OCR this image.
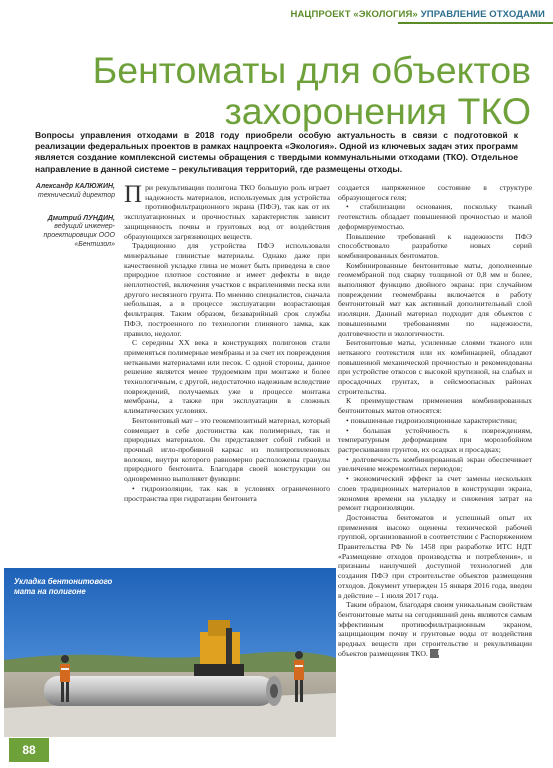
НАЦПРОЕКТ «ЭКОЛОГИЯ» УПРАВЛЕНИЕ ОТХОДАМИ
Бентоматы для объектов
захоронения ТКО
Вопросы управления отходами в 2018 году приобрели особую актуальность в связи с подготовкой к реализации федеральных проектов в рамках нацпроекта «Экология». Одной из ключевых задач этих программ является создание комплексной системы обращения с твердыми коммунальными отходами (ТКО). Отдельное направление в данной системе – рекультивация территорий, где размещены отходы.
Александр КАЛЮЖИН,
технический директор
Дмитрий ЛУНДИН,
ведущий инженер-проектировщик ООО «Бентизол»

При рекультивации полигона ТКО большую роль играет надежность материалов, используемых для устройства противофильтрационного экрана (ПФЭ), так как от их эксплуатационных и прочностных характеристик зависит защищенность почвы и грунтовых вод от воздействия образующихся загрязняющих веществ.

Традиционно для устройства ПФЭ использовали минеральные глинистые материалы. Однако даже при качественной укладке глина не может быть приведена в свое природное плотное состояние и имеет дефекты в виде неплотностей, включения участков с вкраплениями песка или другого несвязного грунта. По мнению специалистов, сначала небольшая, а в процессе эксплуатации возрастающая фильтрация. Таким образом, безаварийный срок службы ПФЭ, построенного по технологии глиняного замка, как правило, недолог.

С середины XX века в конструкциях полигонов стали применяться полимерные мембраны и за счет их повреждения неткаными материалами или песок. С одной стороны, данное решение является менее трудоемким при монтаже и более технологичным, с другой, недостаточно надежным вследствие повреждений, получаемых уже в процессе монтажа мембраны, а также при эксплуатации в сложных климатических условиях.

Бентонитовый мат – это геокомпозитный материал, который совмещает в себе достоинства как полимерных, так и природных материалов. Он представляет собой гибкий и прочный игло-пробивной каркас из полипропиленовых волокон, внутри которого равномерно расположены гранулы природного бентонита. Благодаря своей конструкции он одновременно выполняет функции:

• гидроизоляции, так как в условиях ограниченного пространства при гидратации бентонита

создается напряженное состояние в структуре образующегося геля;

• стабилизации основания, поскольку тканый геотекстиль обладает повышенной прочностью и малой деформируемостью.

Повышение требований к надежности ПФЭ способствовало разработке новых серий комбинированных бентоматов.

Комбинированные бентонитовые маты, дополненные геомембраной под сварку толщиной от 0,8 мм и более, выполняют функцию двойного экрана: при случайном повреждении геомембраны включается в работу бентонитовый мат как активный дополнительный слой изоляции. Данный материал подходит для объектов с повышенными требованиями по надежности, долговечности и экологичности.

Бентонитовые маты, усиленные слоями тканого или нетканого геотекстиля или их комбинацией, обладают повышенной механической прочностью и рекомендованы при устройстве откосов с высокой крутизной, на слабых и просадочных грунтах, в сейсмоопасных районах строительства.

К преимуществам применения комбинированных бентонитовых матов относятся:

• повышенные гидроизоляционные характеристики;

• большая устойчивость к повреждениям, температурным деформациям при морозобойном растрескивании грунтов, их осадках и просадках;

• долговечность комбинированный экран обеспечивает увеличение межремонтных периодов;

• экономический эффект за счет замены нескольких слоев традиционных материалов в конструкции экрана, экономия времени на укладку и снижения затрат на ремонт гидроизоляции.

Достоинства бентоматов и успешный опыт их применения высоко оценены технической рабочей группой, организованной в соответствии с Распоряжением Правительства РФ № 1458 при разработке ИТС НДТ «Размещение отходов производства и потребления», и признаны наилучшей доступной технологией для создания ПФЭ при строительстве объектов размещения отходов. Документ утвержден 15 января 2016 года, введен в действие – 1 июля 2017 года.

Таким образом, благодаря своим уникальным свойствам бентонитовые маты на сегодняшний день являются самым эффективным противофильтрационным экраном, защищающим почву и грунтовые воды от воздействия вредных веществ при строительстве и рекультивации объектов размещения ТКО. Р

Укладка бентонитового мата на полигоне
88
